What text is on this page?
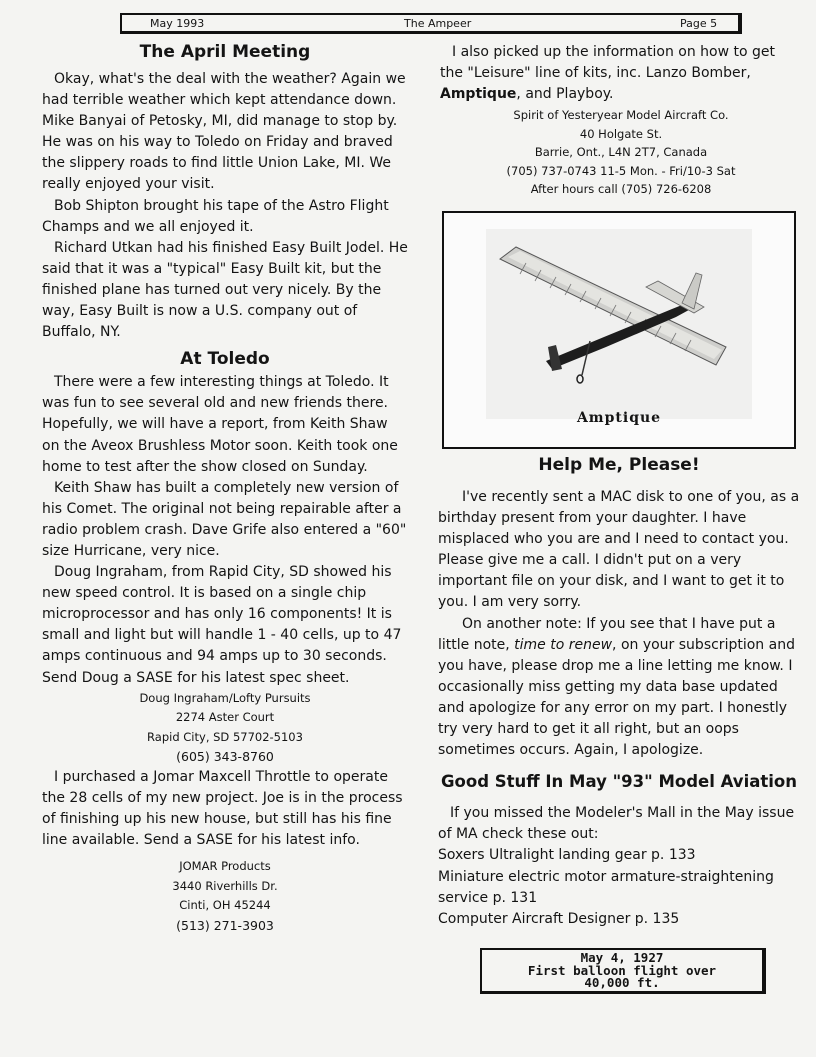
May 1993	The Ampeer	Page 5
The April Meeting

Okay, what's the deal with the weather? Again we had terrible weather which kept attendance down. Mike Banyai of Petosky, MI, did manage to stop by. He was on his way to Toledo on Friday and braved the slippery roads to find little Union Lake, MI. We really enjoyed your visit.

Bob Shipton brought his tape of the Astro Flight Champs and we all enjoyed it.

Richard Utkan had his finished Easy Built Jodel. He said that it was a "typical" Easy Built kit, but the finished plane has turned out very nicely. By the way, Easy Built is now a U.S. company out of Buffalo, NY.

At Toledo

There were a few interesting things at Toledo. It was fun to see several old and new friends there. Hopefully, we will have a report, from Keith Shaw on the Aveox Brushless Motor soon. Keith took one home to test after the show closed on Sunday.

Keith Shaw has built a completely new version of his Comet. The original not being repairable after a radio problem crash. Dave Grife also entered a "60" size Hurricane, very nice.

Doug Ingraham, from Rapid City, SD showed his new speed control. It is based on a single chip microprocessor and has only 16 components! It is small and light but will handle 1 - 40 cells, up to 47 amps continuous and 94 amps up to 30 seconds. Send Doug a SASE for his latest spec sheet.

Doug Ingraham/Lofty Pursuits
2274 Aster Court
Rapid City, SD 57702-5103
(605) 343-8760

I purchased a Jomar Maxcell Throttle to operate the 28 cells of my new project. Joe is in the process of finishing up his new house, but still has his fine line available. Send a SASE for his latest info.

JOMAR Products
3440 Riverhills Dr.
Cinti, OH 45244
(513) 271-3903

I also picked up the information on how to get the "Leisure" line of kits, inc. Lanzo Bomber, Amptique, and Playboy.

Spirit of Yesteryear Model Aircraft Co.
40 Holgate St.
Barrie, Ont., L4N 2T7, Canada
(705) 737-0743 11-5 Mon. - Fri/10-3 Sat
After hours call (705) 726-6208
Amptique
Help Me, Please!

I've recently sent a MAC disk to one of you, as a birthday present from your daughter. I have misplaced who you are and I need to contact you. Please give me a call. I didn't put on a very important file on your disk, and I want to get it to you. I am very sorry.

On another note: If you see that I have put a little note, time to renew, on your subscription and you have, please drop me a line letting me know. I occasionally miss getting my data base updated and apologize for any error on my part. I honestly try very hard to get it all right, but an oops sometimes occurs. Again, I apologize.

Good Stuff In May "93" Model Aviation

If you missed the Modeler's Mall in the May issue of MA check these out:

Soxers Ultralight landing gear p. 133

Miniature electric motor armature-straightening service p. 131

Computer Aircraft Designer p. 135

May 4, 1927
First balloon flight over
40,000 ft.
